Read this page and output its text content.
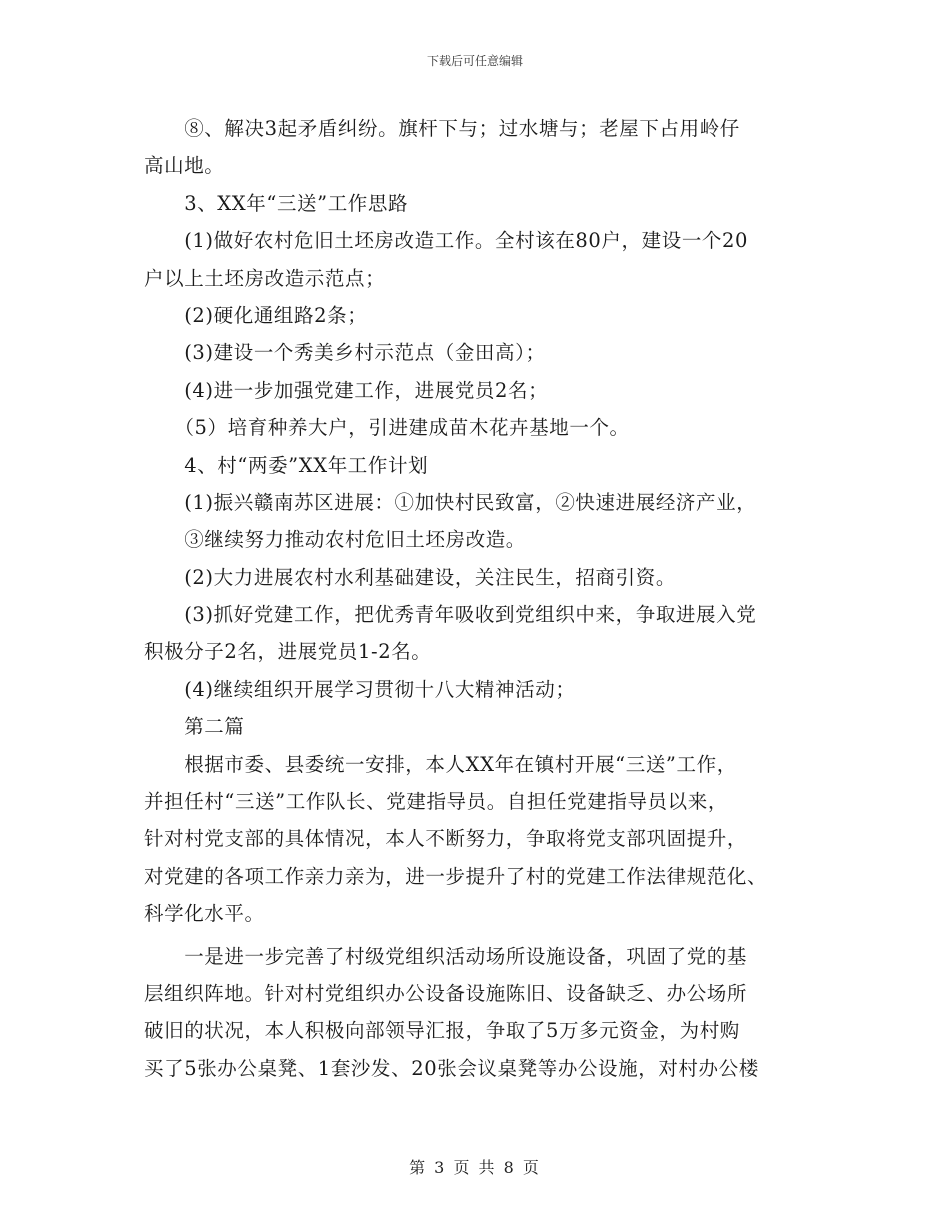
下载后可任意编辑
　　⑧、解决3起矛盾纠纷。旗杆下与；过水塘与；老屋下占用岭仔
高山地。
　　3、XX年“三送”工作思路
　　(1)做好农村危旧土坯房改造工作。全村该在80户，建设一个20
户以上土坯房改造示范点；
　　(2)硬化通组路2条；
　　(3)建设一个秀美乡村示范点（金田高）；
　　(4)进一步加强党建工作，进展党员2名；
　　（5）培育种养大户，引进建成苗木花卉基地一个。
　　4、村“两委”XX年工作计划
　　(1)振兴赣南苏区进展：①加快村民致富，②快速进展经济产业，
　　③继续努力推动农村危旧土坯房改造。
　　(2)大力进展农村水利基础建设，关注民生，招商引资。
　　(3)抓好党建工作，把优秀青年吸收到党组织中来，争取进展入党
积极分子2名，进展党员1-2名。
　　(4)继续组织开展学习贯彻十八大精神活动；
　　第二篇
　　根据市委、县委统一安排，本人XX年在镇村开展“三送”工作，
并担任村“三送”工作队长、党建指导员。自担任党建指导员以来，
针对村党支部的具体情况，本人不断努力，争取将党支部巩固提升，
对党建的各项工作亲力亲为，进一步提升了村的党建工作法律规范化、
科学化水平。
　　一是进一步完善了村级党组织活动场所设施设备，巩固了党的基
层组织阵地。针对村党组织办公设备设施陈旧、设备缺乏、办公场所
破旧的状况，本人积极向部领导汇报，争取了5万多元资金，为村购
买了5张办公桌凳、1套沙发、20张会议桌凳等办公设施，对村办公楼
第 3 页 共 8 页
